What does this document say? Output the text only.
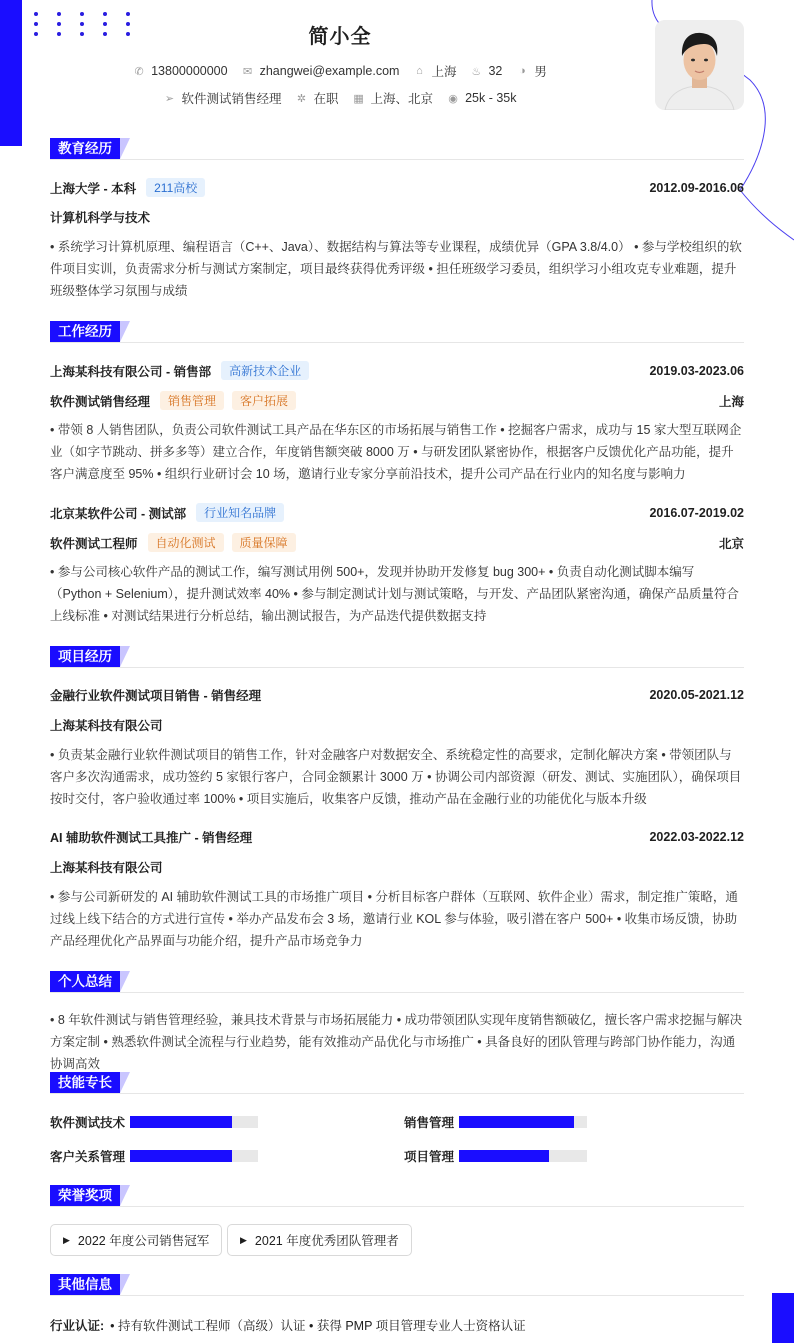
简小全
✆ 13800000000 ✉ zhangwei@example.com ⌂ 上海 ♨ 32 ◑ 男
➢ 软件测试销售经理 ✲ 在职 ▦ 上海、北京 ◉ 25k - 35k
教育经历
上海大学 - 本科	211高校	2012.09-2016.06
计算机科学与技术
• 系统学习计算机原理、编程语言（C++、Java）、数据结构与算法等专业课程，成绩优异（GPA 3.8/4.0） • 参与学校组织的软件项目实训，负责需求分析与测试方案制定，项目最终获得优秀评级 • 担任班级学习委员，组织学习小组攻克专业难题，提升班级整体学习氛围与成绩
工作经历
上海某科技有限公司 - 销售部	高新技术企业	2019.03-2023.06
软件测试销售经理	销售管理	客户拓展	上海
• 带领 8 人销售团队，负责公司软件测试工具产品在华东区的市场拓展与销售工作 • 挖掘客户需求，成功与 15 家大型互联网企业（如字节跳动、拼多多等）建立合作，年度销售额突破 8000 万 • 与研发团队紧密协作，根据客户反馈优化产品功能，提升客户满意度至 95% • 组织行业研讨会 10 场，邀请行业专家分享前沿技术，提升公司产品在行业内的知名度与影响力
北京某软件公司 - 测试部	行业知名品牌	2016.07-2019.02
软件测试工程师	自动化测试	质量保障	北京
• 参与公司核心软件产品的测试工作，编写测试用例 500+，发现并协助开发修复 bug 300+ • 负责自动化测试脚本编写（Python + Selenium），提升测试效率 40% • 参与制定测试计划与测试策略，与开发、产品团队紧密沟通，确保产品质量符合上线标准 • 对测试结果进行分析总结，输出测试报告，为产品迭代提供数据支持
项目经历
金融行业软件测试项目销售 - 销售经理	2020.05-2021.12
上海某科技有限公司
• 负责某金融行业软件测试项目的销售工作，针对金融客户对数据安全、系统稳定性的高要求，定制化解决方案 • 带领团队与客户多次沟通需求，成功签约 5 家银行客户，合同金额累计 3000 万 • 协调公司内部资源（研发、测试、实施团队），确保项目按时交付，客户验收通过率 100% • 项目实施后，收集客户反馈，推动产品在金融行业的功能优化与版本升级
AI 辅助软件测试工具推广 - 销售经理	2022.03-2022.12
上海某科技有限公司
• 参与公司新研发的 AI 辅助软件测试工具的市场推广项目 • 分析目标客户群体（互联网、软件企业）需求，制定推广策略，通过线上线下结合的方式进行宣传 • 举办产品发布会 3 场，邀请行业 KOL 参与体验，吸引潜在客户 500+ • 收集市场反馈，协助产品经理优化产品界面与功能介绍，提升产品市场竞争力
个人总结
• 8 年软件测试与销售管理经验，兼具技术背景与市场拓展能力 • 成功带领团队实现年度销售额破亿，擅长客户需求挖掘与解决方案定制 • 熟悉软件测试全流程与行业趋势，能有效推动产品优化与市场推广 • 具备良好的团队管理与跨部门协作能力，沟通协调高效
技能专长
软件测试技术	销售管理
客户关系管理	项目管理
荣誉奖项
▶ 2022 年度公司销售冠军	▶ 2021 年度优秀团队管理者
其他信息
行业认证: • 持有软件测试工程师（高级）认证 • 获得 PMP 项目管理专业人士资格认证
